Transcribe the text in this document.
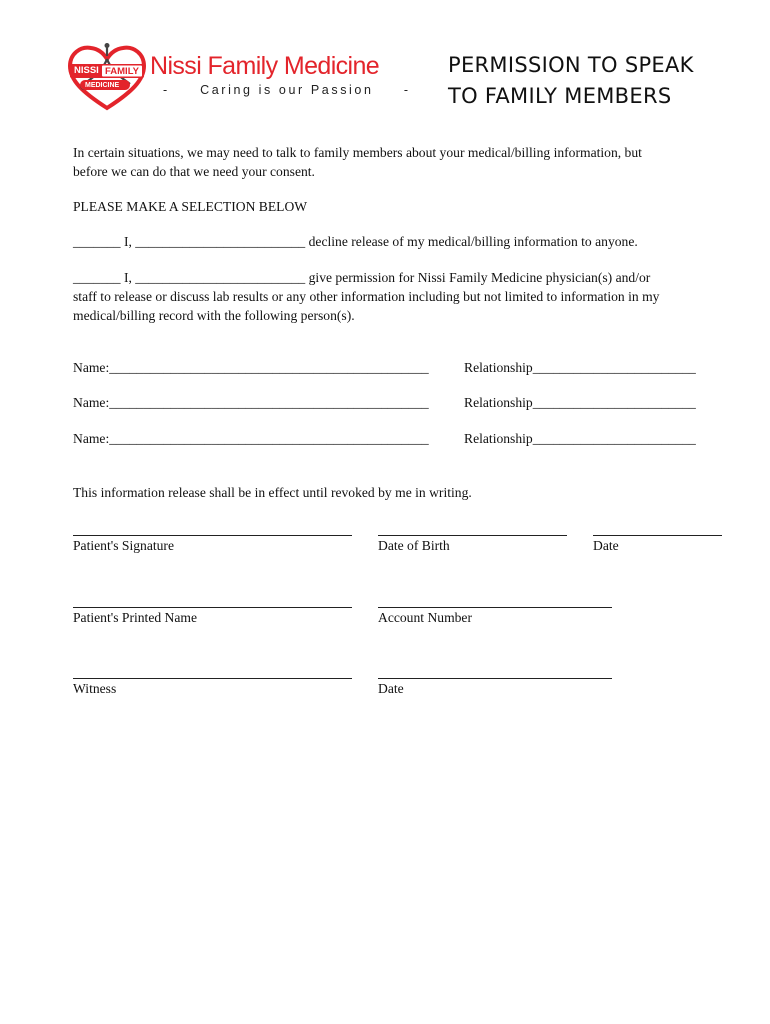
NISSI FAMILY
MEDICINE
Nissi Family Medicine
-     Caring is our Passion     -
PERMISSION TO SPEAK
TO FAMILY MEMBERS
In certain situations, we may need to talk to family members about your medical/billing information, but
before we can do that we need your consent.
PLEASE MAKE A SELECTION BELOW
_______ I, _________________________ decline release of my medical/billing information to anyone.
_______ I, _________________________ give permission for Nissi Family Medicine physician(s) and/or
staff to release or discuss lab results or any other information including but not limited to information in my
medical/billing record with the following person(s).
Name:_______________________________________________	Relationship________________________
Name:_______________________________________________	Relationship________________________
Name:_______________________________________________	Relationship________________________
This information release shall be in effect until revoked by me in writing.
Patient's Signature	Date of Birth	Date
Patient's Printed Name	Account Number
Witness	Date
